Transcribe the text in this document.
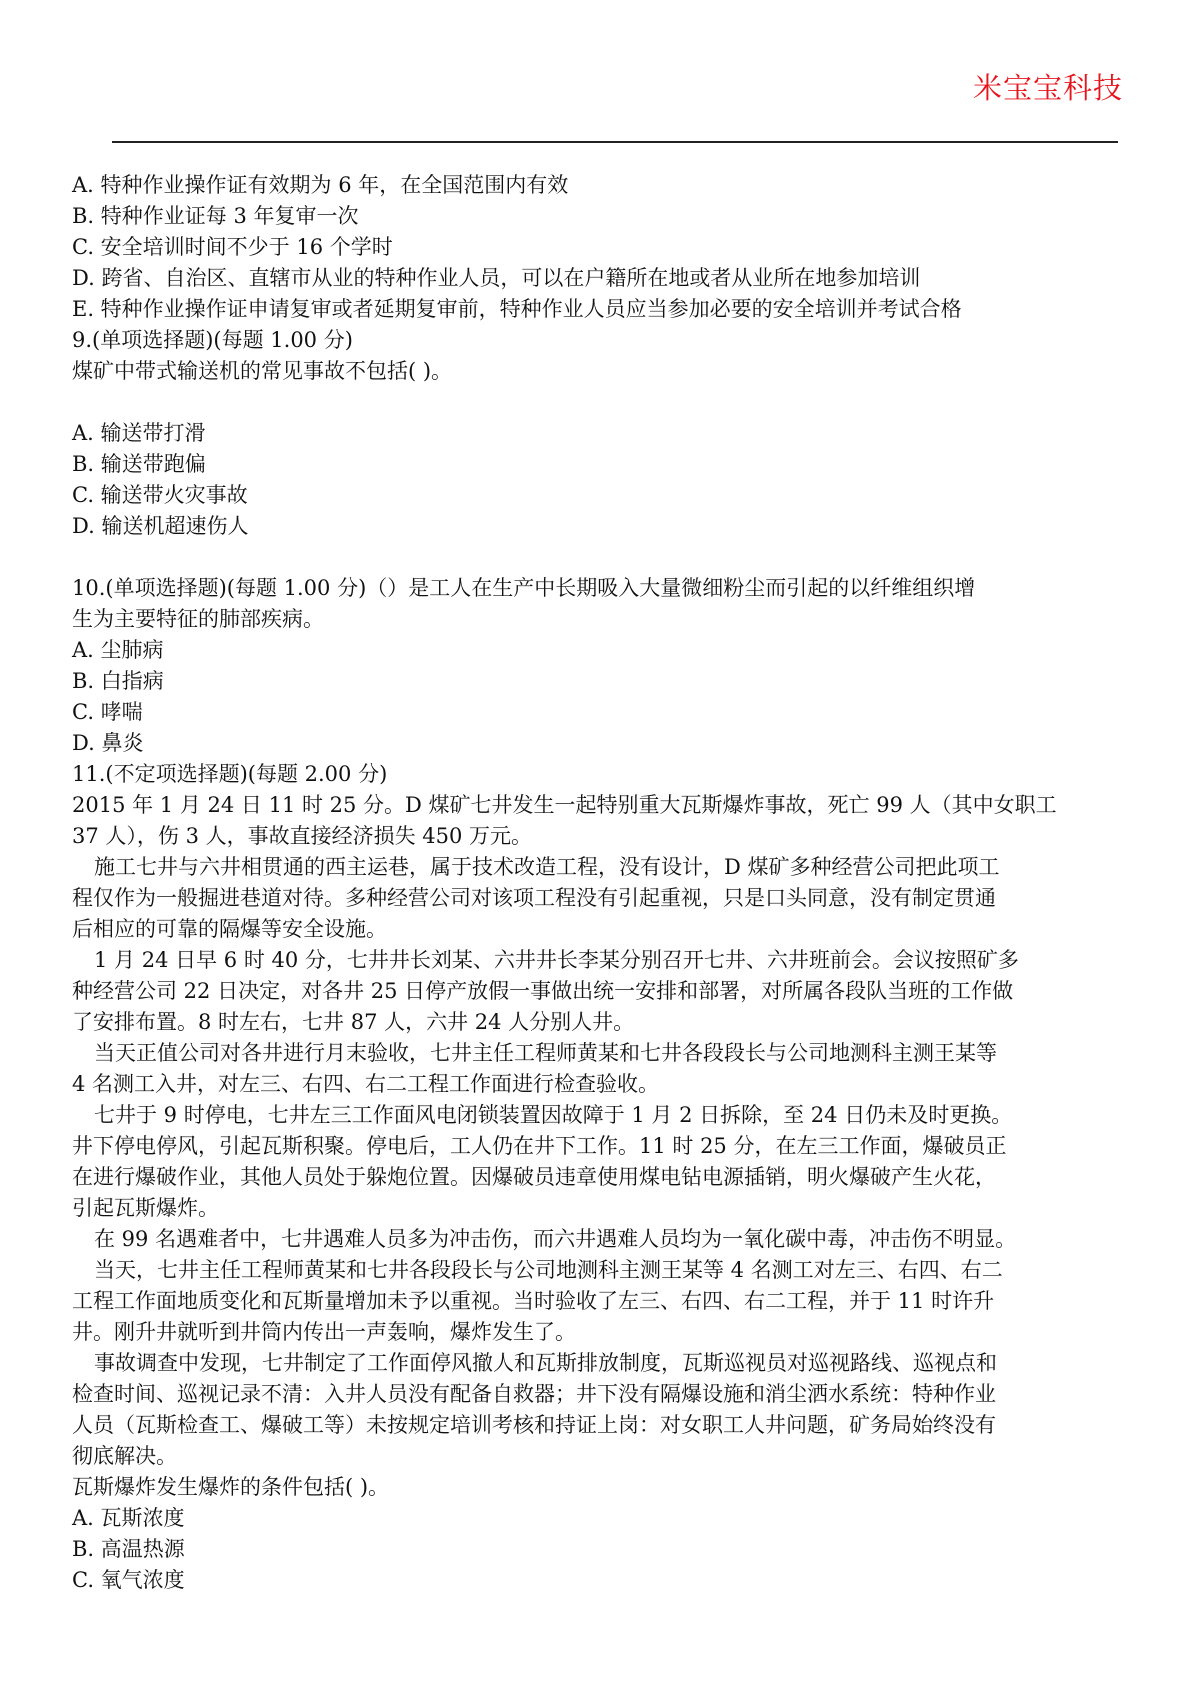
米宝宝科技
A. 特种作业操作证有效期为 6 年，在全国范围内有效
B. 特种作业证每 3 年复审一次
C. 安全培训时间不少于 16 个学时
D. 跨省、自治区、直辖市从业的特种作业人员，可以在户籍所在地或者从业所在地参加培训
E. 特种作业操作证申请复审或者延期复审前，特种作业人员应当参加必要的安全培训并考试合格
9.(单项选择题)(每题 1.00 分)
煤矿中带式输送机的常见事故不包括( )。
A. 输送带打滑
B. 输送带跑偏
C. 输送带火灾事故
D. 输送机超速伤人
10.(单项选择题)(每题 1.00 分)（）是工人在生产中长期吸入大量微细粉尘而引起的以纤维组织增
生为主要特征的肺部疾病。
A. 尘肺病
B. 白指病
C. 哮喘
D. 鼻炎
11.(不定项选择题)(每题 2.00 分)
2015 年 1 月 24 日 11 时 25 分。D 煤矿七井发生一起特别重大瓦斯爆炸事故，死亡 99 人（其中女职工
37 人），伤 3 人，事故直接经济损失 450 万元。
施工七井与六井相贯通的西主运巷，属于技术改造工程，没有设计，D 煤矿多种经营公司把此项工
程仅作为一般掘进巷道对待。多种经营公司对该项工程没有引起重视，只是口头同意，没有制定贯通
后相应的可靠的隔爆等安全设施。
1 月 24 日早 6 时 40 分，七井井长刘某、六井井长李某分别召开七井、六井班前会。会议按照矿多
种经营公司 22 日决定，对各井 25 日停产放假一事做出统一安排和部署，对所属各段队当班的工作做
了安排布置。8 时左右，七井 87 人，六井 24 人分别人井。
当天正值公司对各井进行月末验收，七井主任工程师黄某和七井各段段长与公司地测科主测王某等
4 名测工入井，对左三、右四、右二工程工作面进行检查验收。
七井于 9 时停电，七井左三工作面风电闭锁装置因故障于 1 月 2 日拆除，至 24 日仍未及时更换。
井下停电停风，引起瓦斯积聚。停电后，工人仍在井下工作。11 时 25 分，在左三工作面，爆破员正
在进行爆破作业，其他人员处于躲炮位置。因爆破员违章使用煤电钻电源插销，明火爆破产生火花，
引起瓦斯爆炸。
在 99 名遇难者中，七井遇难人员多为冲击伤，而六井遇难人员均为一氧化碳中毒，冲击伤不明显。
当天，七井主任工程师黄某和七井各段段长与公司地测科主测王某等 4 名测工对左三、右四、右二
工程工作面地质变化和瓦斯量增加未予以重视。当时验收了左三、右四、右二工程，并于 11 时许升
井。刚升井就听到井筒内传出一声轰响，爆炸发生了。
事故调查中发现，七井制定了工作面停风撤人和瓦斯排放制度，瓦斯巡视员对巡视路线、巡视点和
检查时间、巡视记录不清：入井人员没有配备自救器；井下没有隔爆设施和消尘洒水系统：特种作业
人员（瓦斯检查工、爆破工等）未按规定培训考核和持证上岗：对女职工人井问题，矿务局始终没有
彻底解决。
瓦斯爆炸发生爆炸的条件包括( )。
A. 瓦斯浓度
B. 高温热源
C. 氧气浓度
